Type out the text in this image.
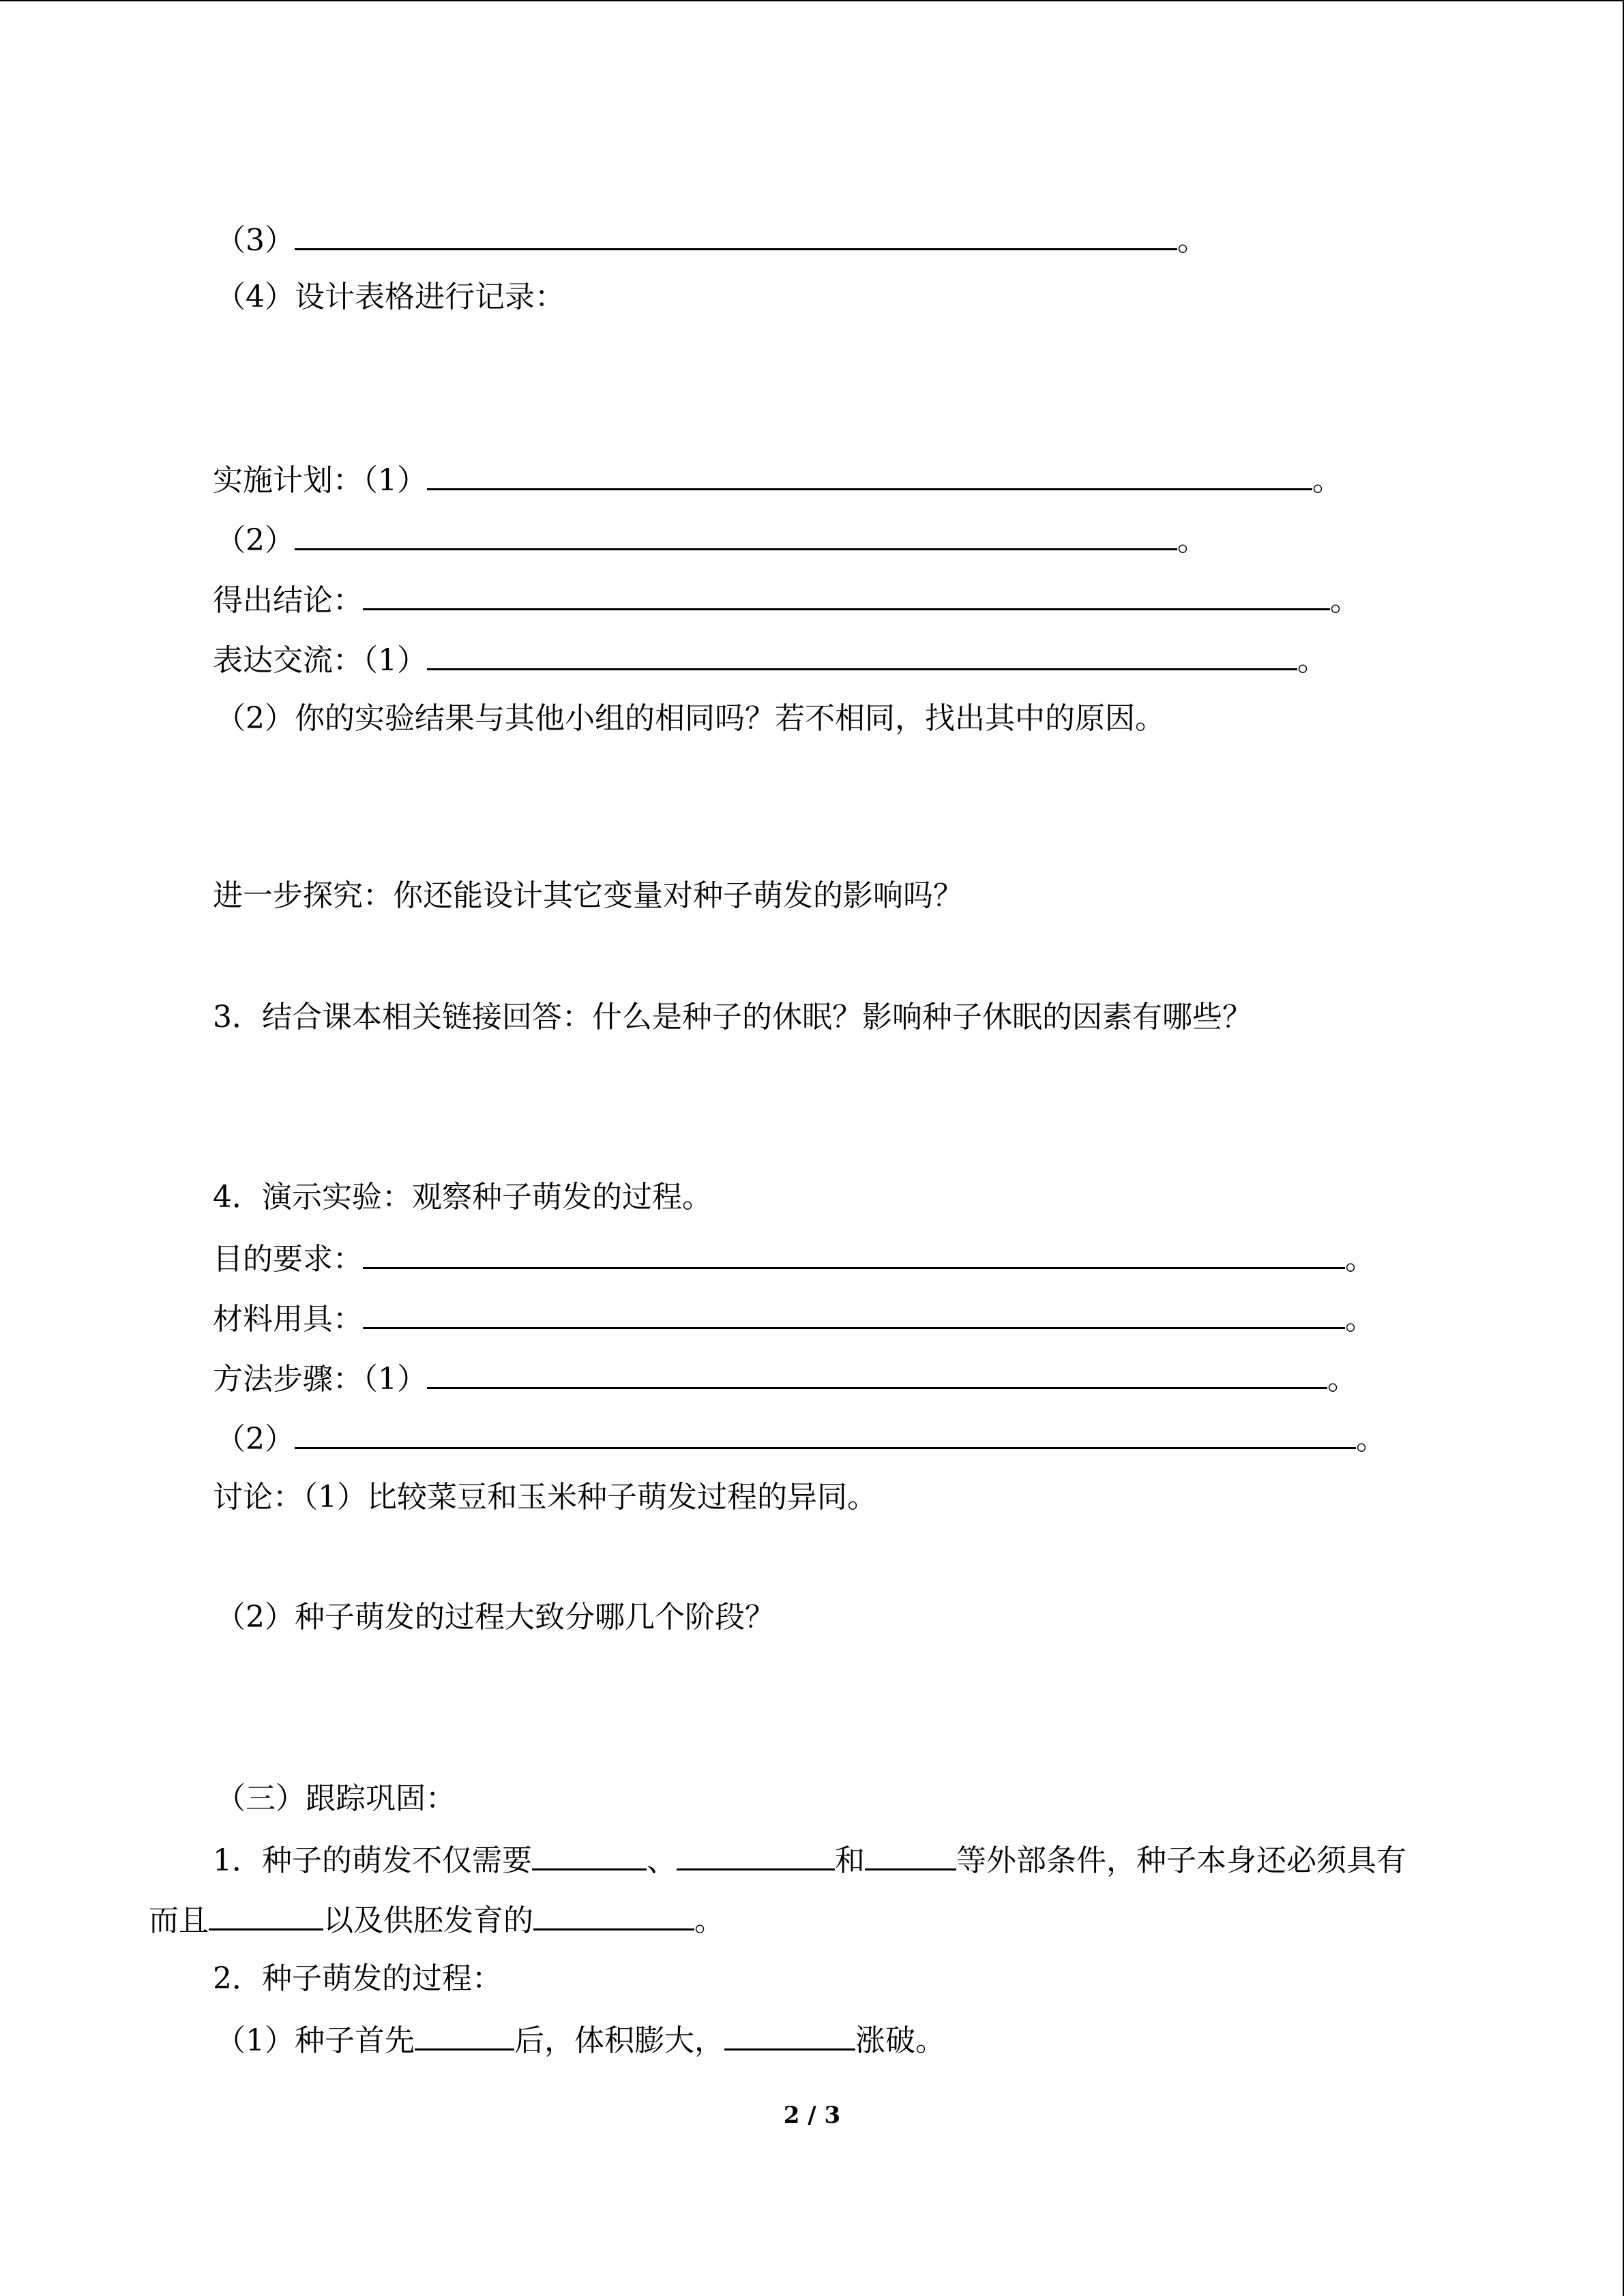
（3）	。
（4）设计表格进行记录：
实施计划：（1）	。
（2）	。
得出结论：	。
表达交流：（1）	。
（2）你的实验结果与其他小组的相同吗？若不相同，找出其中的原因。
进一步探究：你还能设计其它变量对种子萌发的影响吗？
3．结合课本相关链接回答：什么是种子的休眠？影响种子休眠的因素有哪些？
4．演示实验：观察种子萌发的过程。
目的要求：	。
材料用具：	。
方法步骤：（1）	。
（2）	。
讨论：（1）比较菜豆和玉米种子萌发过程的异同。
（2）种子萌发的过程大致分哪几个阶段？
（三）跟踪巩固：
1．种子的萌发不仅需要	、	和	等外部条件，种子本身还必须具有
而且	以及供胚发育的	。
2．种子萌发的过程：
（1）种子首先	后，体积膨大，	涨破。
2 / 3
